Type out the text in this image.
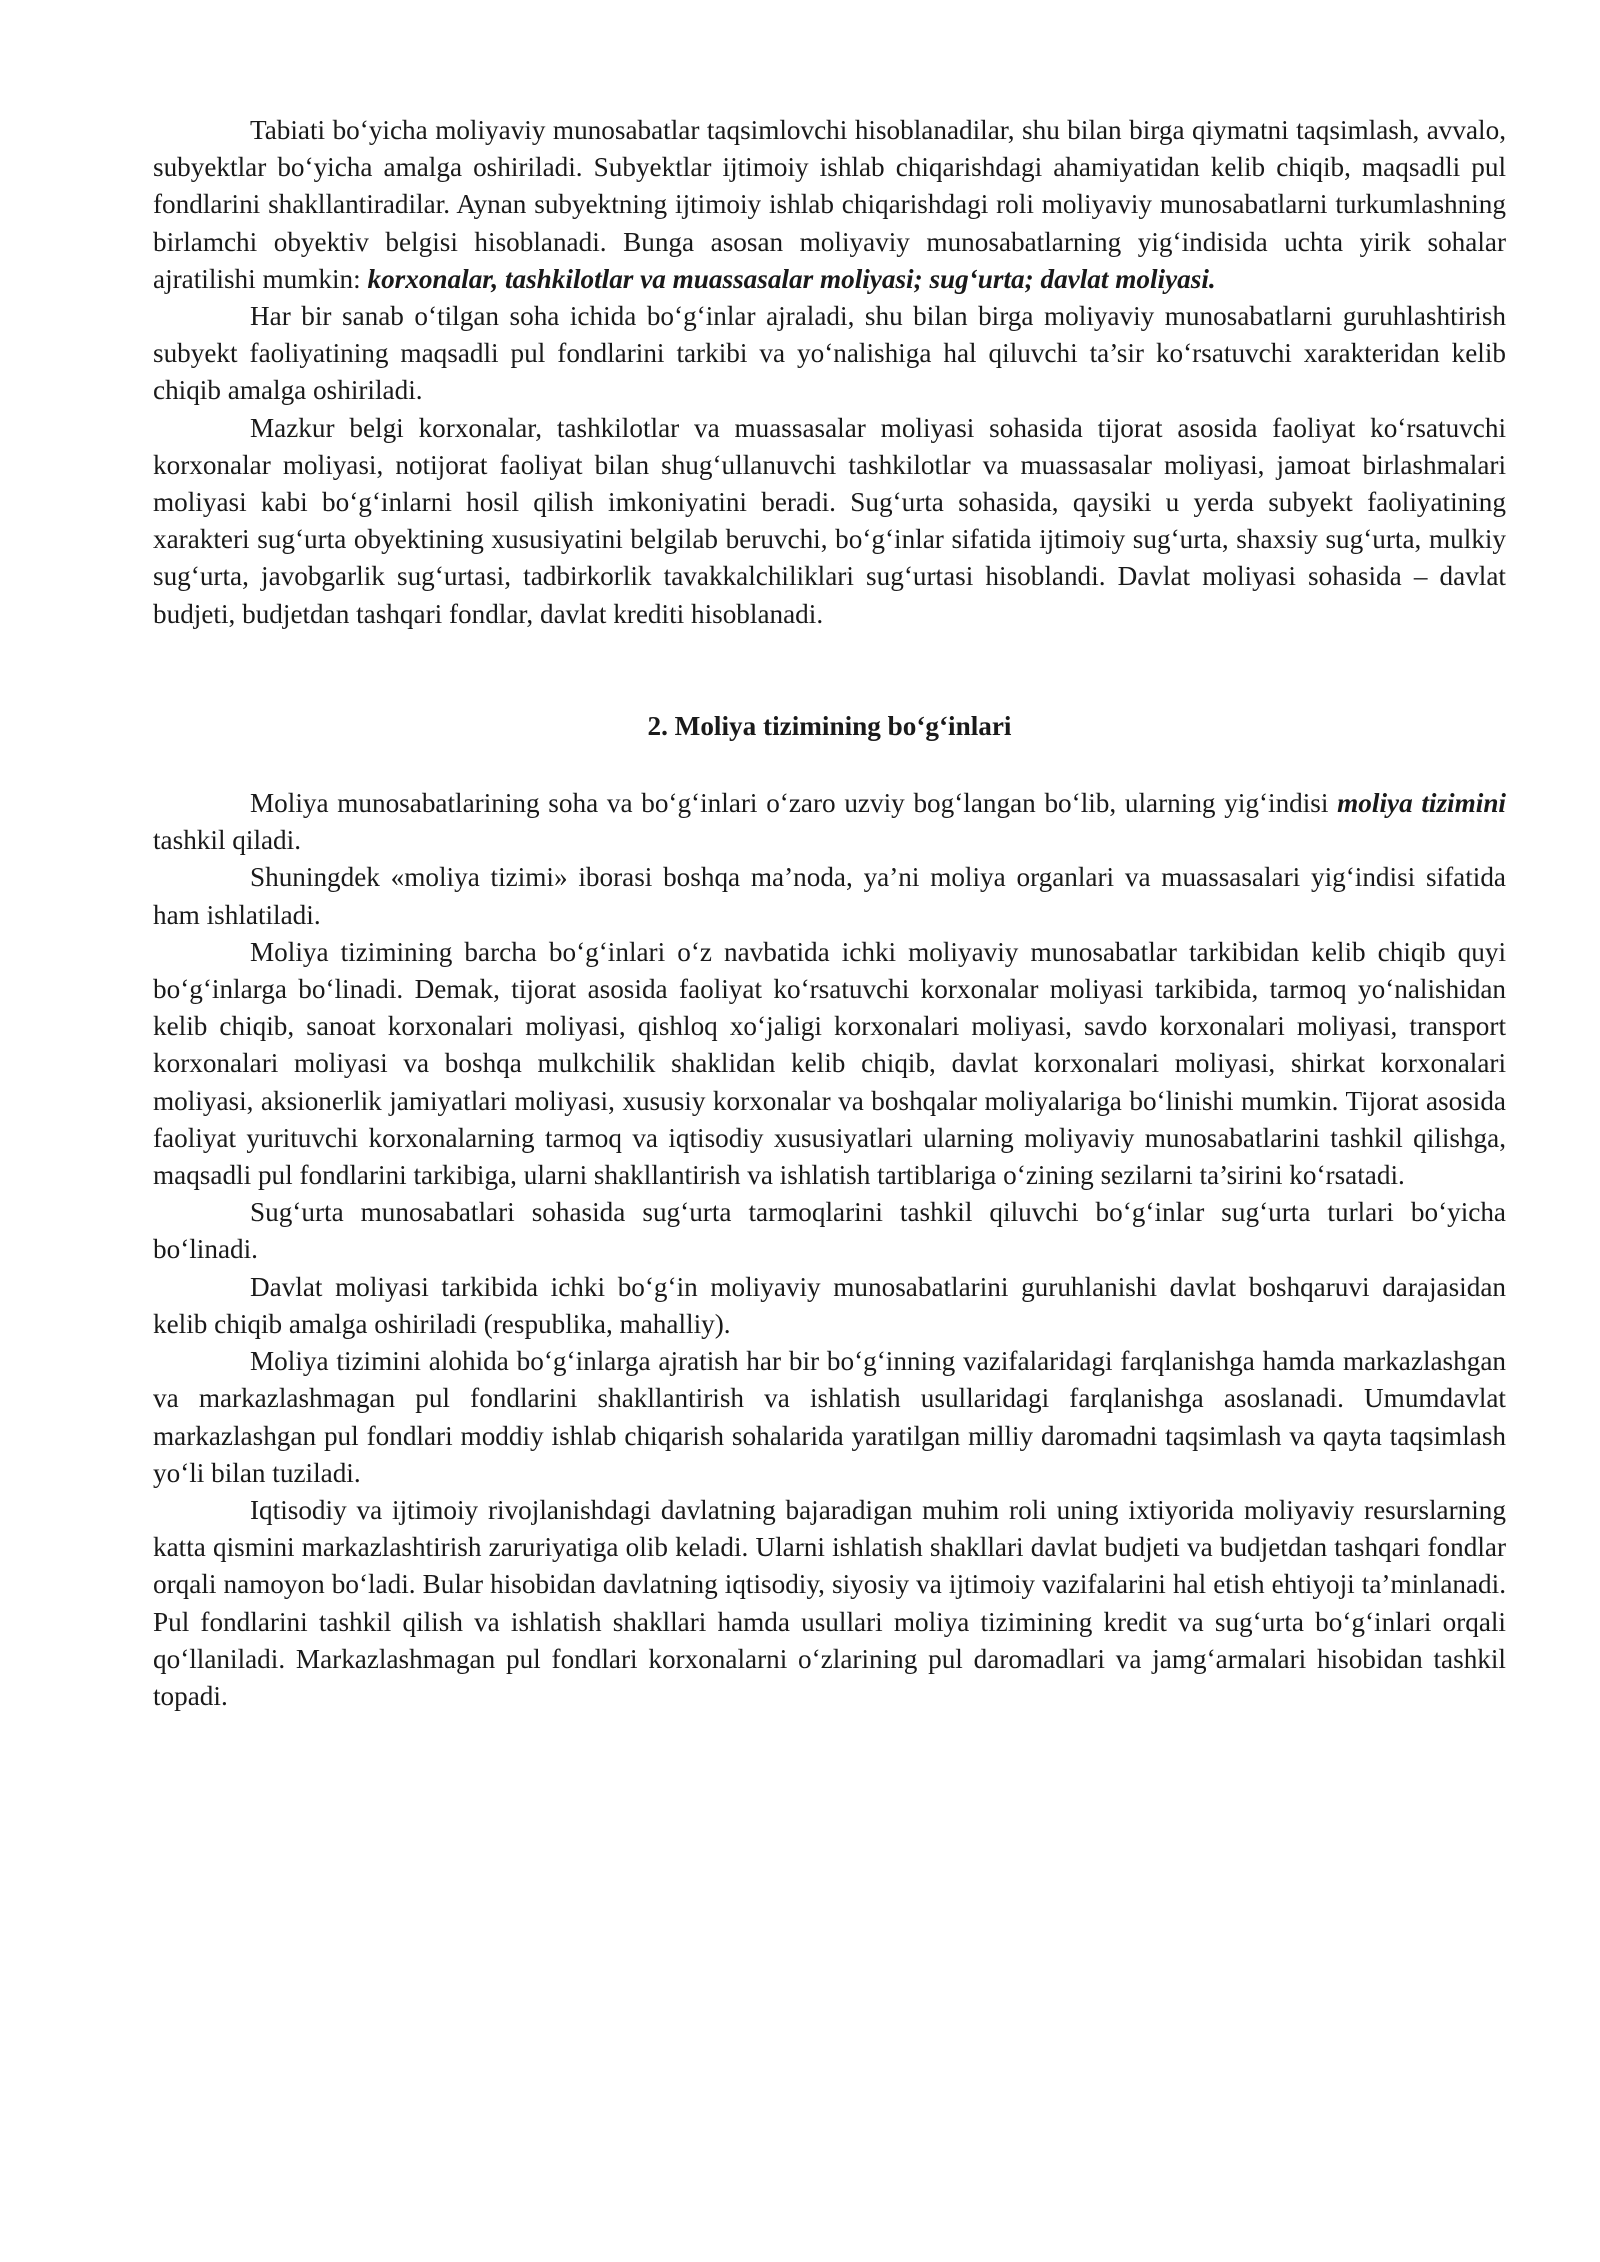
Tabiati bo‘yicha moliyaviy munosabatlar taqsimlovchi hisoblanadilar, shu bilan birga qiymatni taqsimlash, avvalo, subyektlar bo‘yicha amalga oshiriladi. Subyektlar ijtimoiy ishlab chiqarishdagi ahamiyatidan kelib chiqib, maqsadli pul fondlarini shakllantiradilar. Aynan subyektning ijtimoiy ishlab chiqarishdagi roli moliyaviy munosabatlarni turkumlashning birlamchi obyektiv belgisi hisoblanadi. Bunga asosan moliyaviy munosabatlarning yig‘indisida uchta yirik sohalar ajratilishi mumkin: korxonalar, tashkilotlar va muassasalar moliyasi; sug‘urta; davlat moliyasi.

Har bir sanab o‘tilgan soha ichida bo‘g‘inlar ajraladi, shu bilan birga moliyaviy munosabatlarni guruhlashtirish subyekt faoliyatining maqsadli pul fondlarini tarkibi va yo‘nalishiga hal qiluvchi ta’sir ko‘rsatuvchi xarakteridan kelib chiqib amalga oshiriladi.

Mazkur belgi korxonalar, tashkilotlar va muassasalar moliyasi sohasida tijorat asosida faoliyat ko‘rsatuvchi korxonalar moliyasi, notijorat faoliyat bilan shug‘ullanuvchi tashkilotlar va muassasalar moliyasi, jamoat birlashmalari moliyasi kabi bo‘g‘inlarni hosil qilish imkoniyatini beradi. Sug‘urta sohasida, qaysiki u yerda subyekt faoliyatining xarakteri sug‘urta obyektining xususiyatini belgilab beruvchi, bo‘g‘inlar sifatida ijtimoiy sug‘urta, shaxsiy sug‘urta, mulkiy sug‘urta, javobgarlik sug‘urtasi, tadbirkorlik tavakkalchiliklari sug‘urtasi hisoblandi. Davlat moliyasi sohasida – davlat budjeti, budjetdan tashqari fondlar, davlat krediti hisoblanadi.

2. Moliya tizimining bo‘g‘inlari

Moliya munosabatlarining soha va bo‘g‘inlari o‘zaro uzviy bog‘langan bo‘lib, ularning yig‘indisi moliya tizimini tashkil qiladi.

Shuningdek «moliya tizimi» iborasi boshqa ma’noda, ya’ni moliya organlari va muassasalari yig‘indisi sifatida ham ishlatiladi.

Moliya tizimining barcha bo‘g‘inlari o‘z navbatida ichki moliyaviy munosabatlar tarkibidan kelib chiqib quyi bo‘g‘inlarga bo‘linadi. Demak, tijorat asosida faoliyat ko‘rsatuvchi korxonalar moliyasi tarkibida, tarmoq yo‘nalishidan kelib chiqib, sanoat korxonalari moliyasi, qishloq xo‘jaligi korxonalari moliyasi, savdo korxonalari moliyasi, transport korxonalari moliyasi va boshqa mulkchilik shaklidan kelib chiqib, davlat korxonalari moliyasi, shirkat korxonalari moliyasi, aksionerlik jamiyatlari moliyasi, xususiy korxonalar va boshqalar moliyalariga bo‘linishi mumkin. Tijorat asosida faoliyat yurituvchi korxonalarning tarmoq va iqtisodiy xususiyatlari ularning moliyaviy munosabatlarini tashkil qilishga, maqsadli pul fondlarini tarkibiga, ularni shakllantirish va ishlatish tartiblariga o‘zining sezilarni ta’sirini ko‘rsatadi.

Sug‘urta munosabatlari sohasida sug‘urta tarmoqlarini tashkil qiluvchi bo‘g‘inlar sug‘urta turlari bo‘yicha bo‘linadi.

Davlat moliyasi tarkibida ichki bo‘g‘in moliyaviy munosabatlarini guruhlanishi davlat boshqaruvi darajasidan kelib chiqib amalga oshiriladi (respublika, mahalliy).

Moliya tizimini alohida bo‘g‘inlarga ajratish har bir bo‘g‘inning vazifalaridagi farqlanishga hamda markazlashgan va markazlashmagan pul fondlarini shakllantirish va ishlatish usullaridagi farqlanishga asoslanadi. Umumdavlat markazlashgan pul fondlari moddiy ishlab chiqarish sohalarida yaratilgan milliy daromadni taqsimlash va qayta taqsimlash yo‘li bilan tuziladi.

Iqtisodiy va ijtimoiy rivojlanishdagi davlatning bajaradigan muhim roli uning ixtiyorida moliyaviy resurslarning katta qismini markazlashtirish zaruriyatiga olib keladi. Ularni ishlatish shakllari davlat budjeti va budjetdan tashqari fondlar orqali namoyon bo‘ladi. Bular hisobidan davlatning iqtisodiy, siyosiy va ijtimoiy vazifalarini hal etish ehtiyoji ta’minlanadi. Pul fondlarini tashkil qilish va ishlatish shakllari hamda usullari moliya tizimining kredit va sug‘urta bo‘g‘inlari orqali qo‘llaniladi. Markazlashmagan pul fondlari korxonalarni o‘zlarining pul daromadlari va jamg‘armalari hisobidan tashkil topadi.
